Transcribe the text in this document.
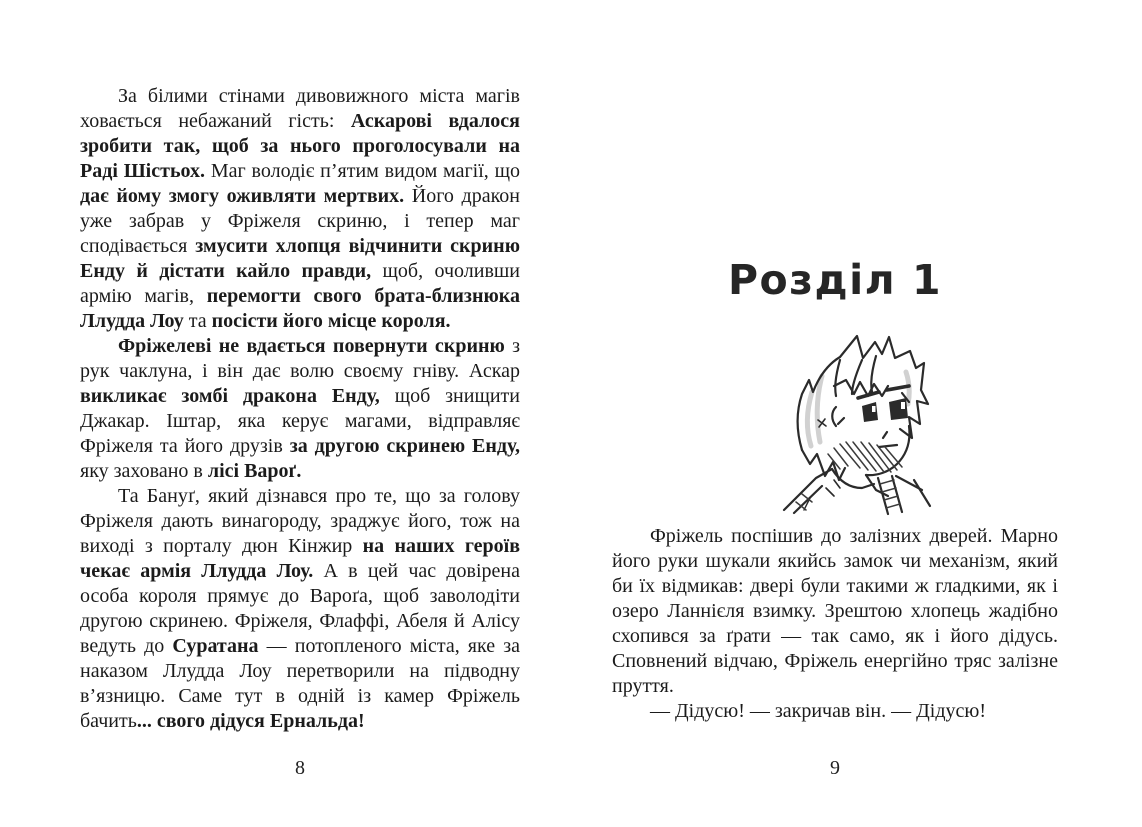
За білими стінами дивовижного міста магів ховається небажаний гість: Аскарові вдалося зробити так, щоб за нього проголосували на Раді Шістьох. Маг володіє п’ятим видом магії, що дає йому змогу оживляти мертвих. Його дракон уже забрав у Фріжеля скриню, і тепер маг сподівається змусити хлопця відчинити скриню Енду й дістати кайло правди, щоб, очоливши армію магів, перемогти свого брата-близнюка Ллудда Лоу та посісти його місце короля.

Фріжелеві не вдається повернути скриню з рук чаклуна, і він дає волю своєму гніву. Аскар викликає зомбі дракона Енду, щоб знищити Джакар. Іштар, яка керує магами, відправляє Фріжеля та його друзів за другою скринею Енду, яку заховано в лісі Вароґ.

Та Бануґ, який дізнався про те, що за голову Фріжеля дають винагороду, зраджує його, тож на виході з порталу дюн Кінжир на наших героїв чекає армія Ллудда Лоу. А в цей час довірена особа короля прямує до Вароґа, щоб заволодіти другою скринею. Фріжеля, Флаффі, Абеля й Алісу ведуть до Суратана — потопленого міста, яке за наказом Ллудда Лоу перетворили на підводну в’язницю. Саме тут в одній із камер Фріжель бачить... свого дідуся Ернальда!

8
Розділ 1

Фріжель поспішив до залізних дверей. Марно його руки шукали якийсь замок чи механізм, який би їх відмикав: двері були такими ж гладкими, як і озеро Ланнієля взимку. Зрештою хлопець жадібно схопився за ґрати — так само, як і його дідусь. Сповнений відчаю, Фріжель енергійно тряс залізне пруття.

— Дідусю! — закричав він. — Дідусю!

9
